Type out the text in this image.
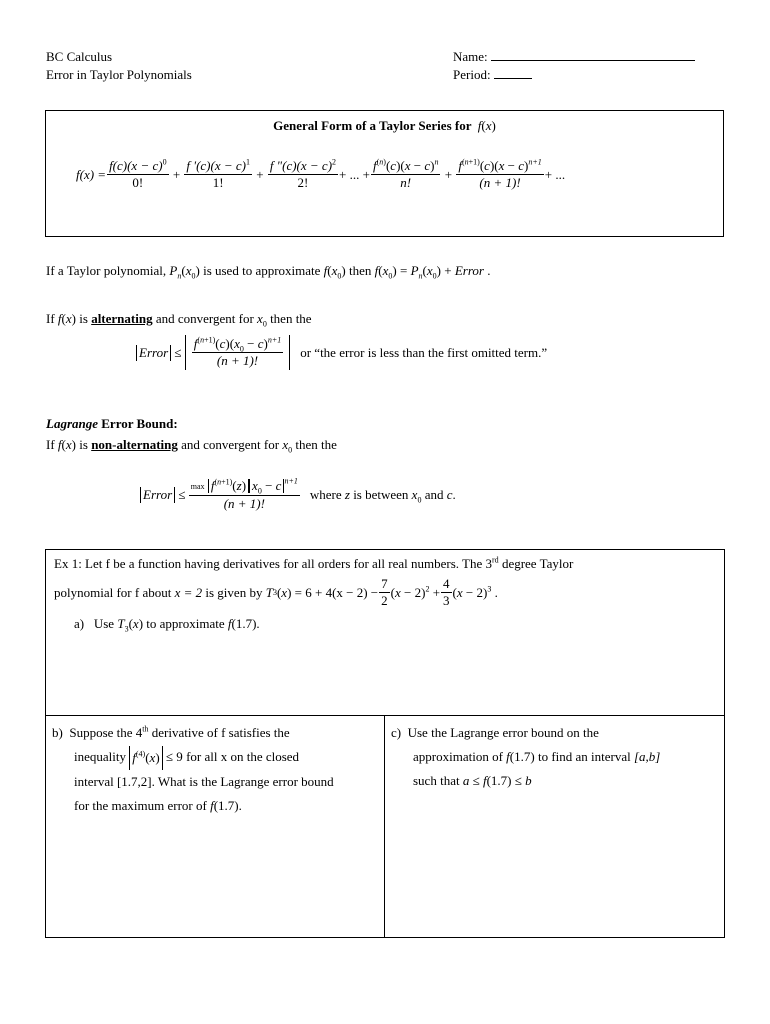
BC Calculus
Error in Taylor Polynomials
Name:
Period:
General Form of a Taylor Series for  f(x)
$f(x) = \frac{f(c)(x - c)^0}{0!} + \frac{f '(c)(x - c)^1}{1!} + \frac{f "(c)(x - c)^2}{2!}$ + ... + $\frac{f^{(n)}(c)(x - c)^n}{n!} + \frac{f^{(n+1)}(c)(x - c)^{n+1}}{(n + 1)!}$ + ...
If a Taylor polynomial, $P_n(x_0)$ is used to approximate $f(x_0)$ then $f(x_0) = P_n(x_0)$ + Error .
If f(x) is alternating and convergent for $x_0$ then the
Error ≤ $\frac{f^{(n+1)}(c)(x_0 - c)^{n+1}}{(n + 1)!}$ or “the error is less than the first omitted term.”
Lagrange Error Bound:
If f(x) is non-alternating and convergent for $x_0$ then the
Error ≤ $\frac{\max f^{(n+1)}(z) x_0 - c ^{n+1}}{(n + 1)!}$ where z is between $x_0$ and c.
Ex 1: Let f be a function having derivatives for all orders for all real numbers. The 3rd degree Taylor
polynomial for f about
x = 2
is given by
T 3 ( x ) = $6 + 4(x - 2) - \frac{7}{2} (x - 2)^2 + \frac{4}{3} (x - 2)^3$ .
a) Use $T_3(x)$ to approximate f(1.7).
b) Suppose the 4th derivative of f satisfies the
inequality $f^{(4)}(x) \le 9$ for all x on the closed
interval [1.7,2]. What is the Lagrange error bound
for the maximum error of f(1.7).
c) Use the Lagrange error bound on the
approximation of f(1.7) to find an interval [a,b]
such that a ≤ f(1.7) ≤ b
